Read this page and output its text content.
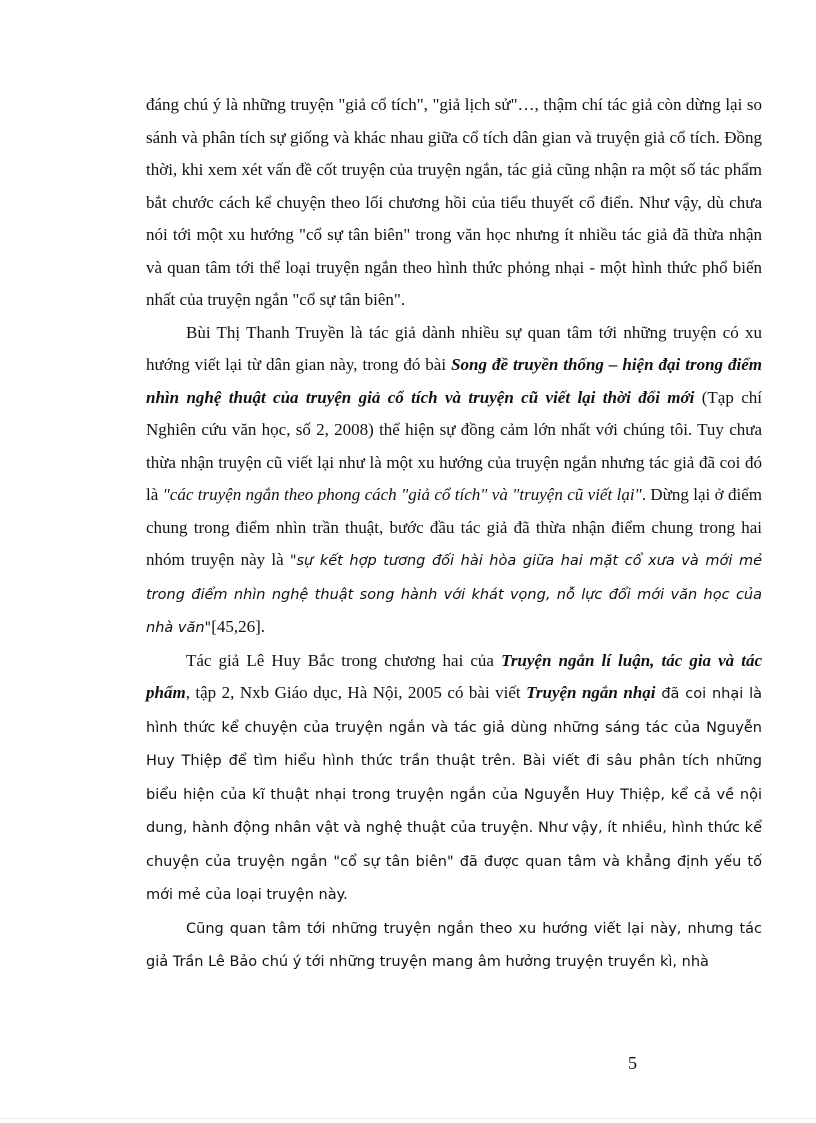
đáng chú ý là những truyện "giả cổ tích", "giả lịch sử"…, thậm chí tác giả còn dừng lại so sánh và phân tích sự giống và khác nhau giữa cổ tích dân gian và truyện giả cổ tích. Đồng thời, khi xem xét vấn đề cốt truyện của truyện ngắn, tác giả cũng nhận ra một số tác phẩm bắt chước cách kể chuyện theo lối chương hồi của tiểu thuyết cổ điển. Như vậy, dù chưa nói tới một xu hướng "cổ sự tân biên" trong văn học nhưng ít nhiều tác giả đã thừa nhận và quan tâm tới thể loại truyện ngắn theo hình thức phỏng nhại - một hình thức phổ biến nhất của truyện ngắn "cổ sự tân biên".

Bùi Thị Thanh Truyền là tác giả dành nhiều sự quan tâm tới những truyện có xu hướng viết lại từ dân gian này, trong đó bài Song đề truyền thống – hiện đại trong điểm nhìn nghệ thuật của truyện giả cổ tích và truyện cũ viết lại thời đổi mới (Tạp chí Nghiên cứu văn học, số 2, 2008) thể hiện sự đồng cảm lớn nhất với chúng tôi. Tuy chưa thừa nhận truyện cũ viết lại như là một xu hướng của truyện ngắn nhưng tác giả đã coi đó là "các truyện ngắn theo phong cách "giả cổ tích" và "truyện cũ viết lại". Dừng lại ở điểm chung trong điểm nhìn trần thuật, bước đầu tác giả đã thừa nhận điểm chung trong hai nhóm truyện này là "sự kết hợp tương đối hài hòa giữa hai mặt cổ xưa và mới mẻ trong điểm nhìn nghệ thuật song hành với khát vọng, nỗ lực đổi mới văn học của nhà văn"[45,26].

Tác giả Lê Huy Bắc trong chương hai của Truyện ngắn lí luận, tác gia và tác phẩm, tập 2, Nxb Giáo dục, Hà Nội, 2005 có bài viết Truyện ngắn nhại đã coi nhại là hình thức kể chuyện của truyện ngắn và tác giả dùng những sáng tác của Nguyễn Huy Thiệp để tìm hiểu hình thức trần thuật trên. Bài viết đi sâu phân tích những biểu hiện của kĩ thuật nhại trong truyện ngắn của Nguyễn Huy Thiệp, kể cả về nội dung, hành động nhân vật và nghệ thuật của truyện. Như vậy, ít nhiều, hình thức kể chuyện của truyện ngắn "cổ sự tân biên" đã được quan tâm và khẳng định yếu tố mới mẻ của loại truyện này.

Cũng quan tâm tới những truyện ngắn theo xu hướng viết lại này, nhưng tác giả Trần Lê Bảo chú ý tới những truyện mang âm hưởng truyện truyền kì, nhà

5
